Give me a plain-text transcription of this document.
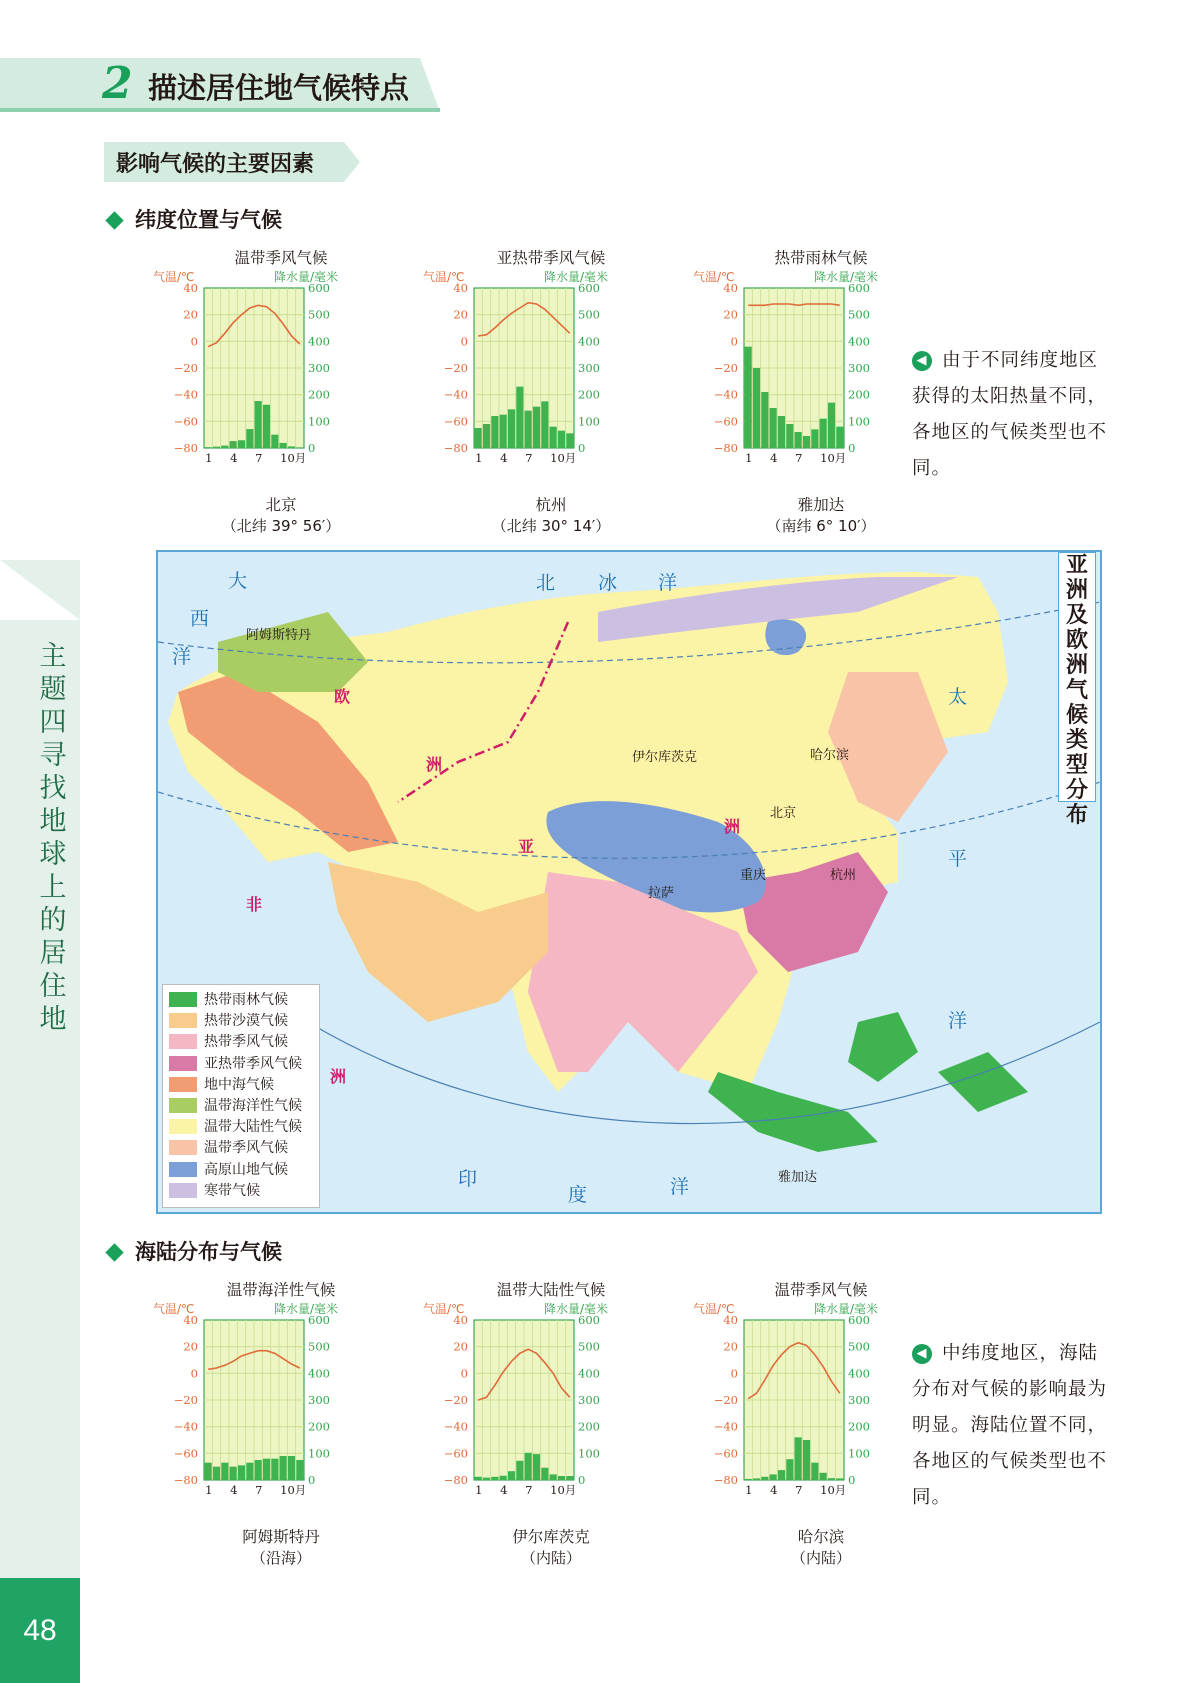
主题四　寻找地球上的居住地
48
2 描述居住地气候特点
影响气候的主要因素
纬度位置与气候
海陆分布与气候
温带季风气候
气温/℃	降水量/毫米
北京
（北纬 39° 56′）
40
20
0
−20
−40
−60
−80
600
500
400
300
200
100
0
1 4 7 10月
亚热带季风气候
气温/℃	降水量/毫米
杭州
（北纬 30° 14′）
40
20
0
−20
−40
−60
−80
600
500
400
300
200
100
0
1 4 7 10月
热带雨林气候
气温/℃	降水量/毫米
雅加达
（南纬 6° 10′）
40
20
0
−20
−40
−60
−80
600
500
400
300
200
100
0
1 4 7 10月
温带海洋性气候
气温/℃	降水量/毫米
阿姆斯特丹
（沿海）
40
20
0
−20
−40
−60
−80
600
500
400
300
200
100
0
1 4 7 10月
温带大陆性气候
气温/℃	降水量/毫米
伊尔库茨克
（内陆）
40
20
0
−20
−40
−60
−80
600
500
400
300
200
100
0
1 4 7 10月
温带季风气候
气温/℃	降水量/毫米
哈尔滨
（内陆）
40
20
0
−20
−40
−60
−80
600
500
400
300
200
100
0
1 4 7 10月
◀ 由于不同纬度地区获得的太阳热量不同，各地区的气候类型也不同。
◀ 中纬度地区，海陆分布对气候的影响最为明显。海陆位置不同，各地区的气候类型也不同。
北 冰 洋
大
西
洋
太
平
洋
印
度	洋
欧
洲
亚
洲
非
洲
阿姆斯特丹
伊尔库茨克	哈尔滨
北京
拉萨
重庆	杭州
雅加达
亚洲及欧洲气候类型分布
热带雨林气候
热带沙漠气候
热带季风气候
亚热带季风气候
地中海气候
温带海洋性气候
温带大陆性气候
温带季风气候
高原山地气候
寒带气候
